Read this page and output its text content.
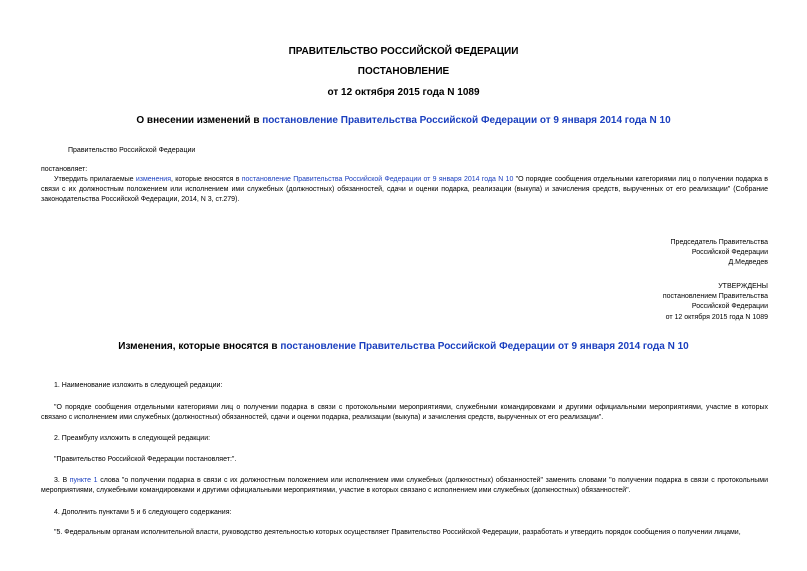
ПРАВИТЕЛЬСТВО РОССИЙСКОЙ ФЕДЕРАЦИИ
ПОСТАНОВЛЕНИЕ
от 12 октября 2015 года N 1089
О внесении изменений в постановление Правительства Российской Федерации от 9 января 2014 года N 10
Правительство Российской Федерации
постановляет:
Утвердить прилагаемые изменения, которые вносятся в постановление Правительства Российской Федерации от 9 января 2014 года N 10 "О порядке сообщения отдельными категориями лиц о получении подарка в связи с их должностным положением или исполнением ими служебных (должностных) обязанностей, сдачи и оценки подарка, реализации (выкупа) и зачисления средств, вырученных от его реализации" (Собрание законодательства Российской Федерации, 2014, N 3, ст.279).
Председатель Правительства
Российской Федерации
Д.Медведев
УТВЕРЖДЕНЫ
постановлением Правительства
Российской Федерации
от 12 октября 2015 года N 1089
Изменения, которые вносятся в постановление Правительства Российской Федерации от 9 января 2014 года N 10
1. Наименование изложить в следующей редакции:
"О порядке сообщения отдельными категориями лиц о получении подарка в связи с протокольными мероприятиями, служебными командировками и другими официальными мероприятиями, участие в которых связано с исполнением ими служебных (должностных) обязанностей, сдачи и оценки подарка, реализации (выкупа) и зачисления средств, вырученных от его реализации".
2. Преамбулу изложить в следующей редакции:
"Правительство Российской Федерации постановляет:".
3. В пункте 1 слова "о получении подарка в связи с их должностным положением или исполнением ими служебных (должностных) обязанностей" заменить словами "о получении подарка в связи с протокольными мероприятиями, служебными командировками и другими официальными мероприятиями, участие в которых связано с исполнением ими служебных (должностных) обязанностей".
4. Дополнить пунктами 5 и 6 следующего содержания:
"5. Федеральным органам исполнительной власти, руководство деятельностью которых осуществляет Правительство Российской Федерации, разработать и утвердить порядок сообщения о получении лицами,
